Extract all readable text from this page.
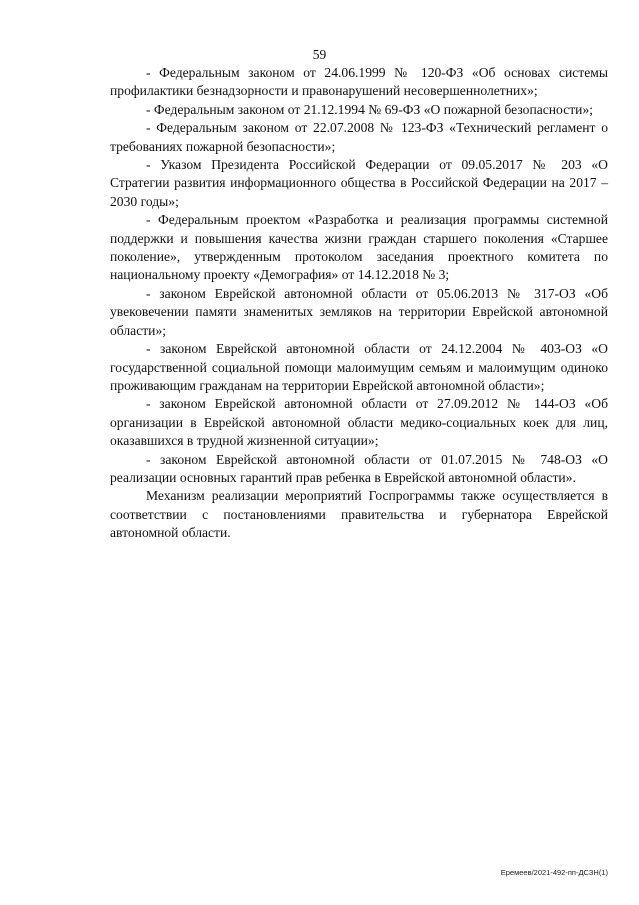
59

- Федеральным законом от 24.06.1999 № 120-ФЗ «Об основах системы профилактики безнадзорности и правонарушений несовершеннолетних»;

- Федеральным законом от 21.12.1994 № 69-ФЗ «О пожарной безопасности»;

- Федеральным законом от 22.07.2008 № 123-ФЗ «Технический регламент о требованиях пожарной безопасности»;

- Указом Президента Российской Федерации от 09.05.2017 № 203 «О Стратегии развития информационного общества в Российской Федерации на 2017 – 2030 годы»;

- Федеральным проектом «Разработка и реализация программы системной поддержки и повышения качества жизни граждан старшего поколения «Старшее поколение», утвержденным протоколом заседания проектного комитета по национальному проекту «Демография» от 14.12.2018 № 3;

- законом Еврейской автономной области от 05.06.2013 № 317-ОЗ «Об увековечении памяти знаменитых земляков на территории Еврейской автономной области»;

- законом Еврейской автономной области от 24.12.2004 № 403-ОЗ «О государственной социальной помощи малоимущим семьям и малоимущим одиноко проживающим гражданам на территории Еврейской автономной области»;

- законом Еврейской автономной области от 27.09.2012 № 144-ОЗ «Об организации в Еврейской автономной области медико-социальных коек для лиц, оказавшихся в трудной жизненной ситуации»;

- законом Еврейской автономной области от 01.07.2015 № 748-ОЗ «О реализации основных гарантий прав ребенка в Еврейской автономной области».

Механизм реализации мероприятий Госпрограммы также осуществляется в соответствии с постановлениями правительства и губернатора Еврейской автономной области.

Еремеев/2021-492-пп-ДСЗН(1)
